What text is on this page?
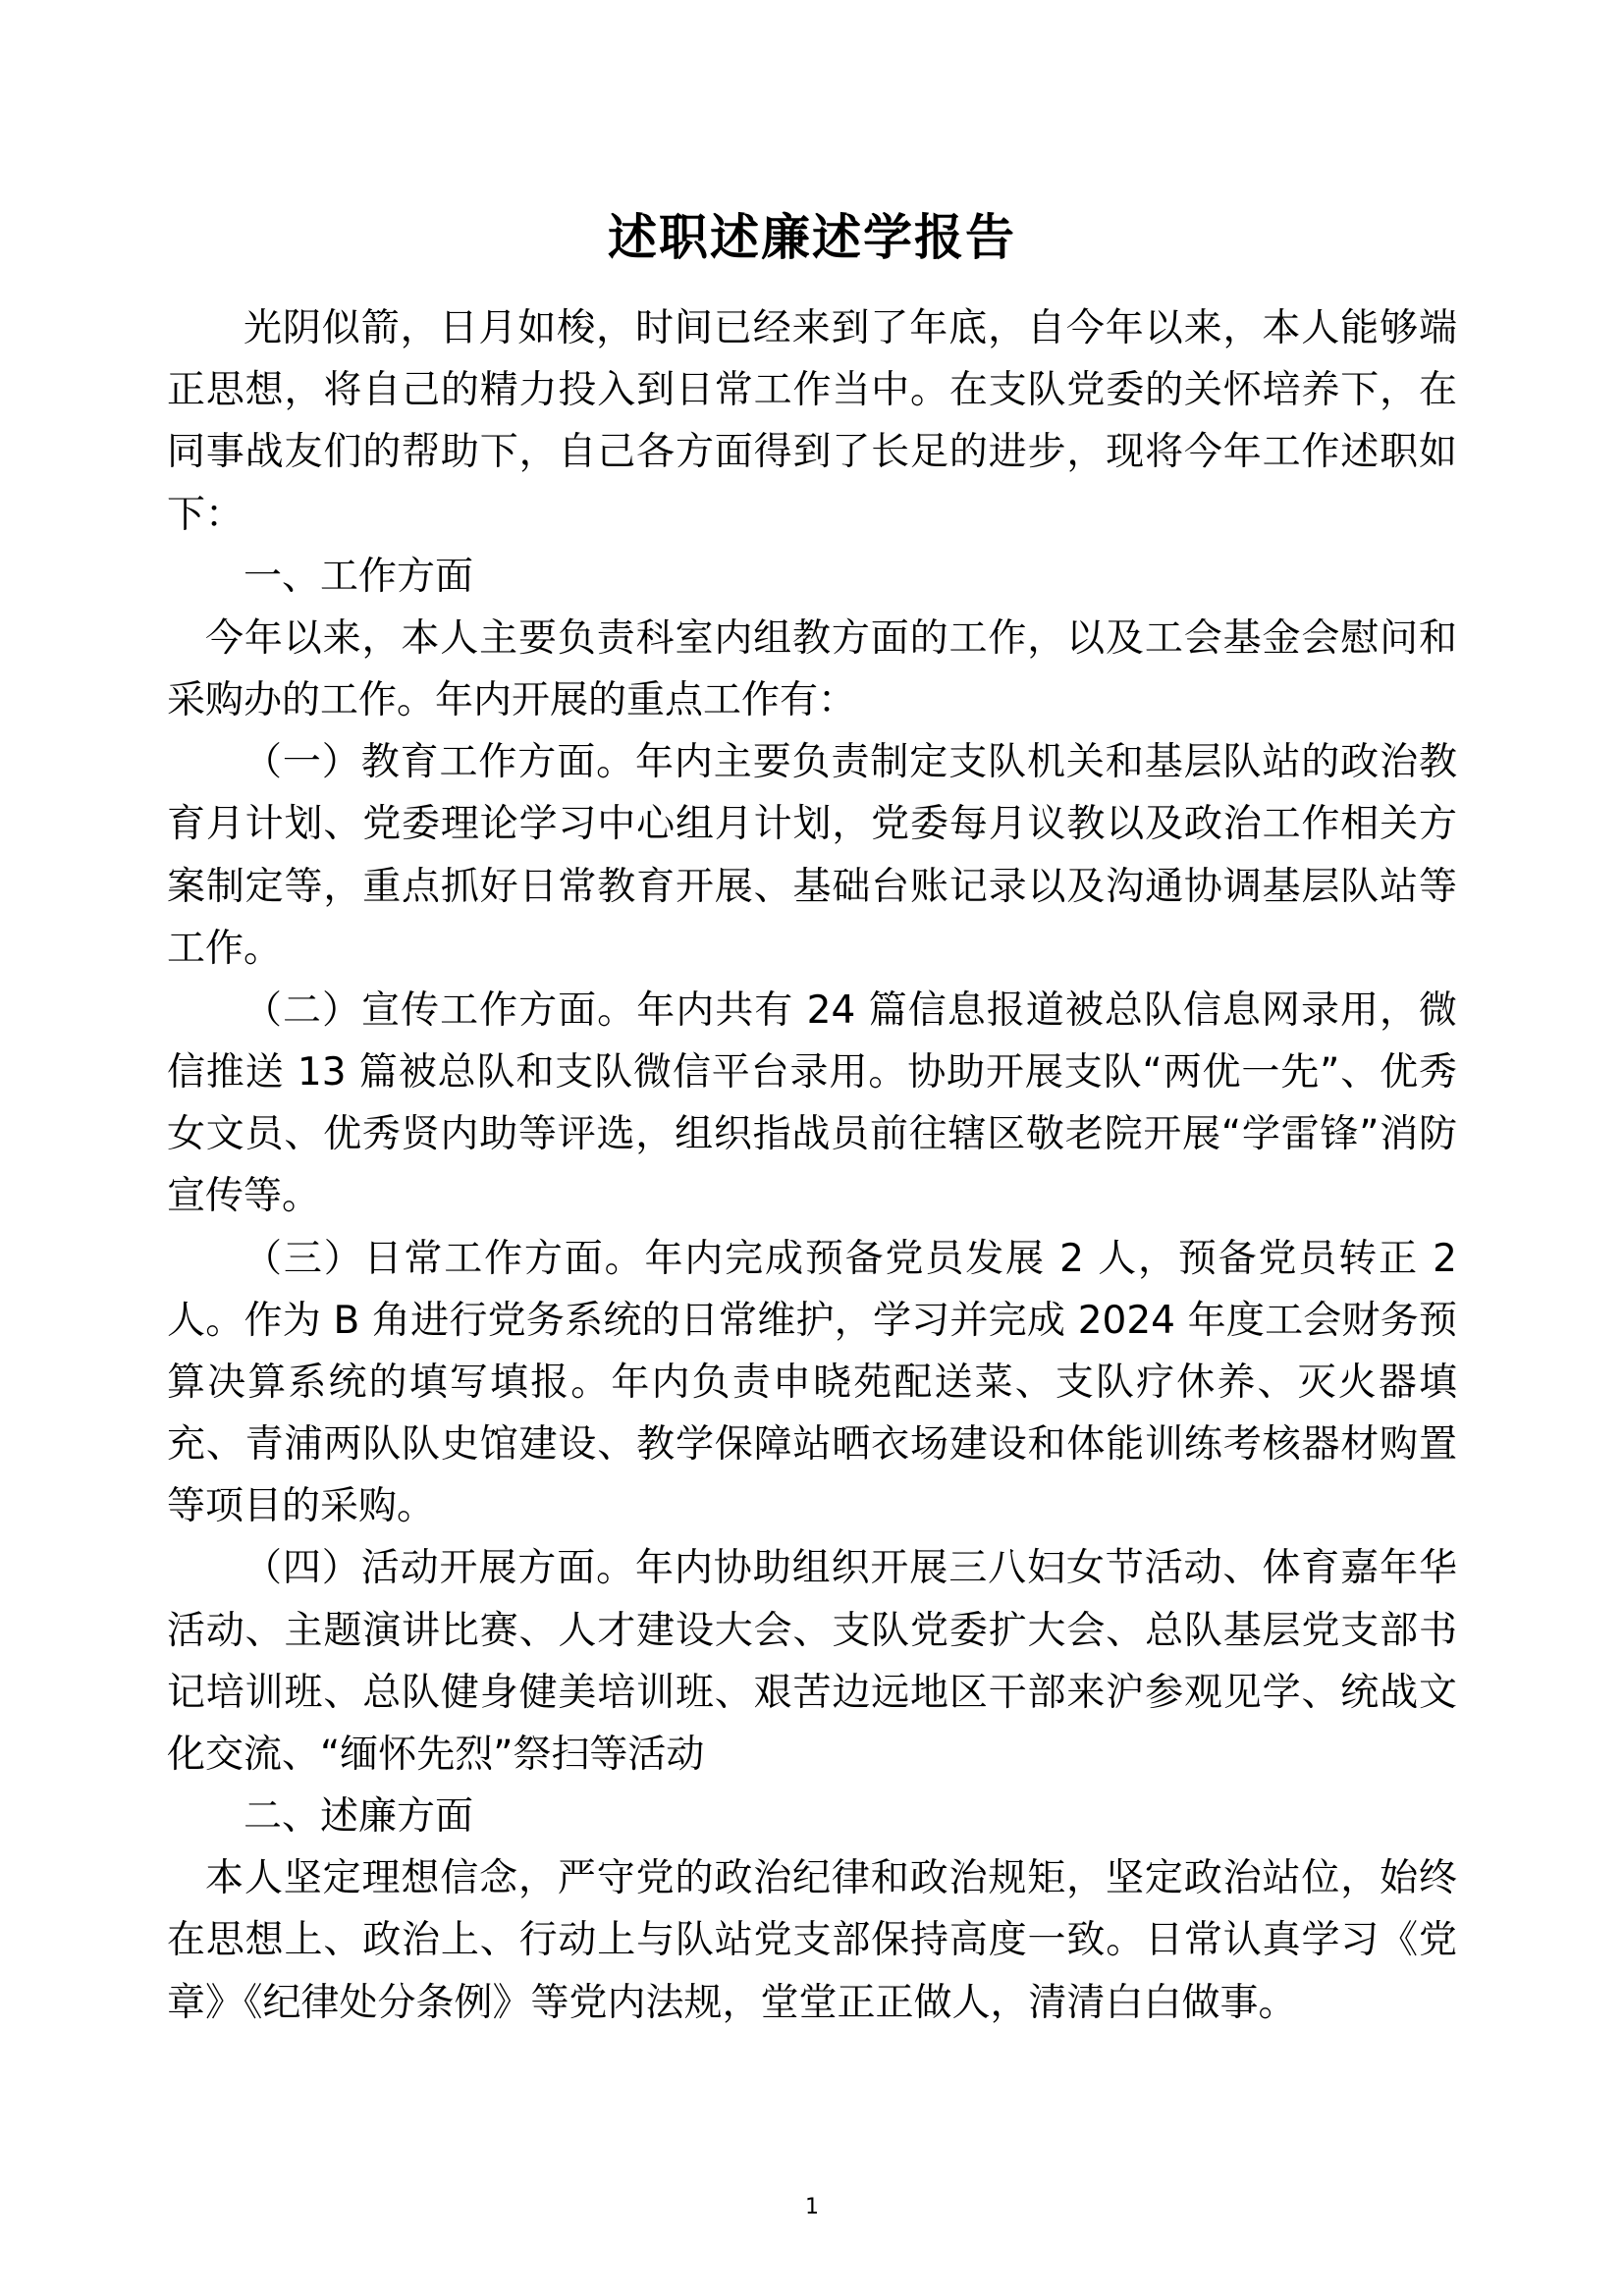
述职述廉述学报告

光阴似箭，日月如梭，时间已经来到了年底，自今年以来，本人能够端正思想，将自己的精力投入到日常工作当中。在支队党委的关怀培养下，在同事战友们的帮助下，自己各方面得到了长足的进步，现将今年工作述职如下：

一、工作方面

今年以来，本人主要负责科室内组教方面的工作，以及工会基金会慰问和采购办的工作。年内开展的重点工作有：

（一）教育工作方面。年内主要负责制定支队机关和基层队站的政治教育月计划、党委理论学习中心组月计划，党委每月议教以及政治工作相关方案制定等，重点抓好日常教育开展、基础台账记录以及沟通协调基层队站等工作。

（二）宣传工作方面。年内共有 24 篇信息报道被总队信息网录用，微信推送 13 篇被总队和支队微信平台录用。协助开展支队“两优一先”、优秀女文员、优秀贤内助等评选，组织指战员前往辖区敬老院开展“学雷锋”消防宣传等。

（三）日常工作方面。年内完成预备党员发展 2 人，预备党员转正 2 人。作为 B 角进行党务系统的日常维护，学习并完成 2024 年度工会财务预算决算系统的填写填报。年内负责申晓苑配送菜、支队疗休养、灭火器填充、青浦两队队史馆建设、教学保障站晒衣场建设和体能训练考核器材购置等项目的采购。

（四）活动开展方面。年内协助组织开展三八妇女节活动、体育嘉年华活动、主题演讲比赛、人才建设大会、支队党委扩大会、总队基层党支部书记培训班、总队健身健美培训班、艰苦边远地区干部来沪参观见学、统战文化交流、“缅怀先烈”祭扫等活动

二、述廉方面

本人坚定理想信念，严守党的政治纪律和政治规矩，坚定政治站位，始终在思想上、政治上、行动上与队站党支部保持高度一致。日常认真学习《党章》《纪律处分条例》等党内法规，堂堂正正做人，清清白白做事。

1
